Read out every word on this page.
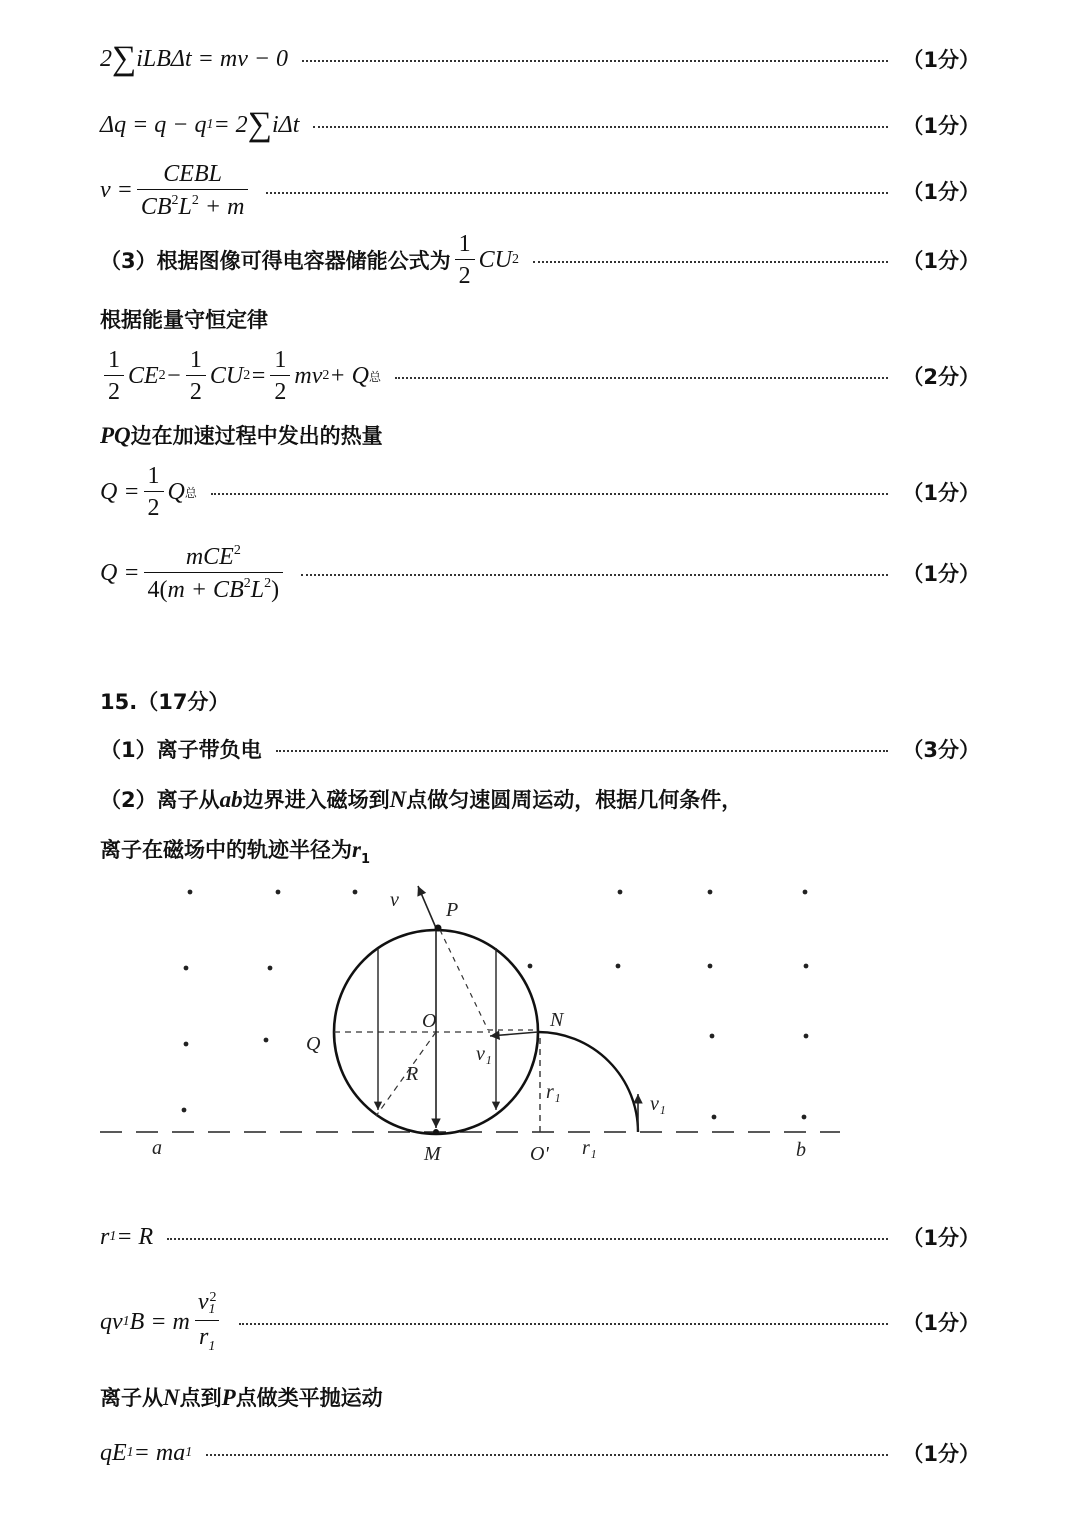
2 ∑ iLBΔt = mv − 0	（1分）
Δq = q − q 1 = 2 ∑ iΔt	（1分）
$v = \frac{\text{CEBL}}{CB^2L^2 + m}$	（1分）
（3）根据图像可得电容器储能公式为 $\frac{1}{2}$ CU 2	（1分）
根据能量守恒定律
$\frac{1}{2}$ CE $2 - \frac{1}{2}$ CU $2 = \frac{1}{2}$ mv 2 + Q 总	（2分）
PQ边在加速过程中发出的热量
$Q = \frac{1}{2}$ Q 总	（1分）
$Q = \frac{mCE^2}{4(m + CB^2L^2)}$	（1分）
15.（17分）
（1）离子带负电	（3分）
（2）离子从ab边界进入磁场到N点做匀速圆周运动，根据几何条件，
离子在磁场中的轨迹半径为$r_1$
v P
O	N
Q	v₁
R
r₁
v₁
a	M	O' r₁	b
r 1 = R	（1分）
qv 1 B = m $\frac{v_1^2}{r_1}$	（1分）
离子从N点到P点做类平抛运动
qE 1 = ma 1	（1分）
